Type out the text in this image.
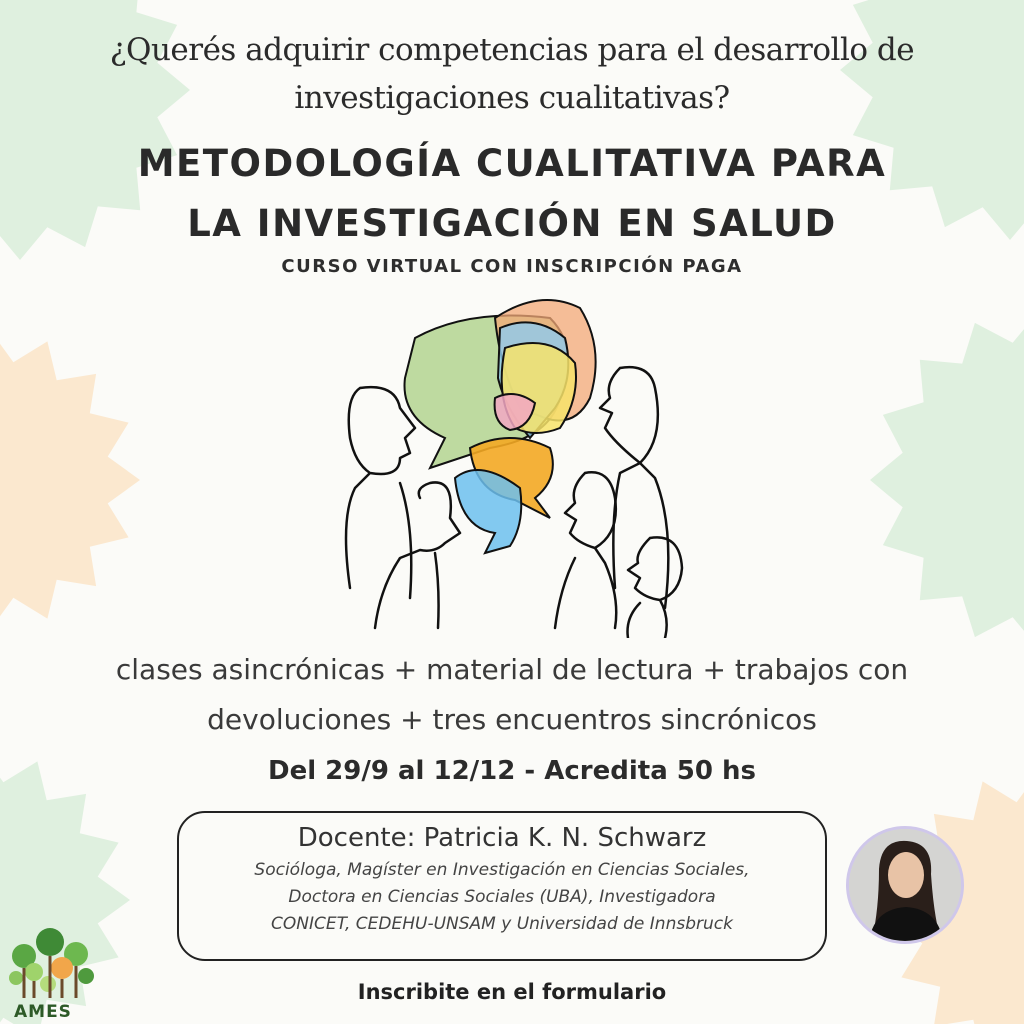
¿Querés adquirir competencias para el desarrollo de
investigaciones cualitativas?
METODOLOGÍA CUALITATIVA PARA
LA INVESTIGACIÓN EN SALUD
CURSO VIRTUAL CON INSCRIPCIÓN PAGA
clases asincrónicas + material de lectura + trabajos con
devoluciones + tres encuentros sincrónicos
Del 29/9 al 12/12 - Acredita 50 hs
Docente: Patricia K. N. Schwarz
Socióloga, Magíster en Investigación en Ciencias Sociales,
Doctora en Ciencias Sociales (UBA), Investigadora
CONICET, CEDEHU-UNSAM y Universidad de Innsbruck
Inscribite en el formulario
AMES
